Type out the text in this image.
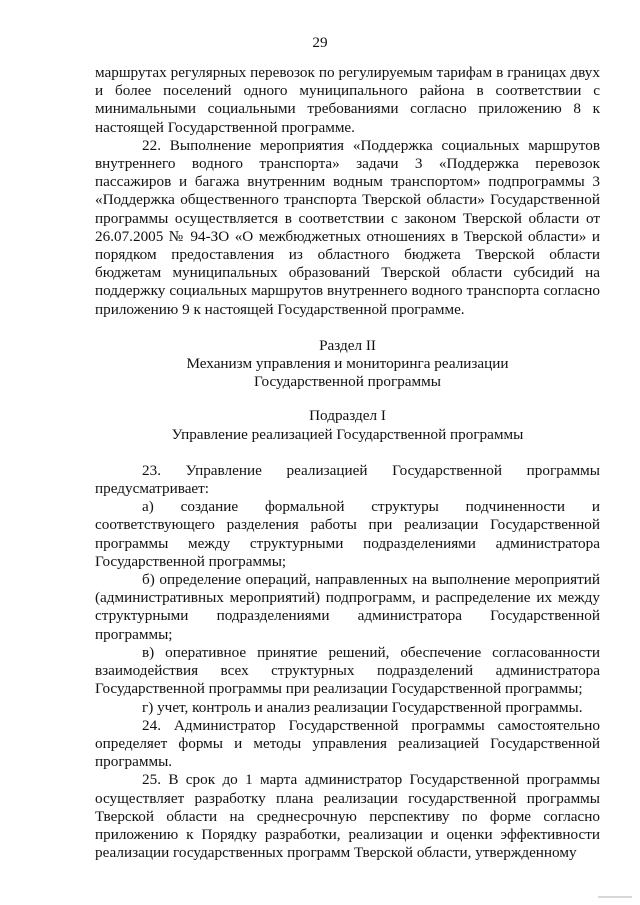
29

маршрутах регулярных перевозок по регулируемым тарифам в границах двух и более поселений одного муниципального района в соответствии с минимальными социальными требованиями согласно приложению 8 к настоящей Государственной программе.

22. Выполнение мероприятия «Поддержка социальных маршрутов внутреннего водного транспорта» задачи 3 «Поддержка перевозок пассажиров и багажа внутренним водным транспортом» подпрограммы 3 «Поддержка общественного транспорта Тверской области» Государственной программы осуществляется в соответствии с законом Тверской области от 26.07.2005 № 94-ЗО «О межбюджетных отношениях в Тверской области» и порядком предоставления из областного бюджета Тверской области бюджетам муниципальных образований Тверской области субсидий на поддержку социальных маршрутов внутреннего водного транспорта согласно приложению 9 к настоящей Государственной программе.

Раздел II

Механизм управления и мониторинга реализации

Государственной программы

Подраздел I

Управление реализацией Государственной программы

23. Управление реализацией Государственной программы предусматривает:

а) создание формальной структуры подчиненности и соответствующего разделения работы при реализации Государственной программы между структурными подразделениями администратора Государственной программы;

б) определение операций, направленных на выполнение мероприятий (административных мероприятий) подпрограмм, и распределение их между структурными подразделениями администратора Государственной программы;

в) оперативное принятие решений, обеспечение согласованности взаимодействия всех структурных подразделений администратора Государственной программы при реализации Государственной программы;

г) учет, контроль и анализ реализации Государственной программы.

24. Администратор Государственной программы самостоятельно определяет формы и методы управления реализацией Государственной программы.

25. В срок до 1 марта администратор Государственной программы осуществляет разработку плана реализации государственной программы Тверской области на среднесрочную перспективу по форме согласно приложению к Порядку разработки, реализации и оценки эффективности реализации государственных программ Тверской области, утвержденному
